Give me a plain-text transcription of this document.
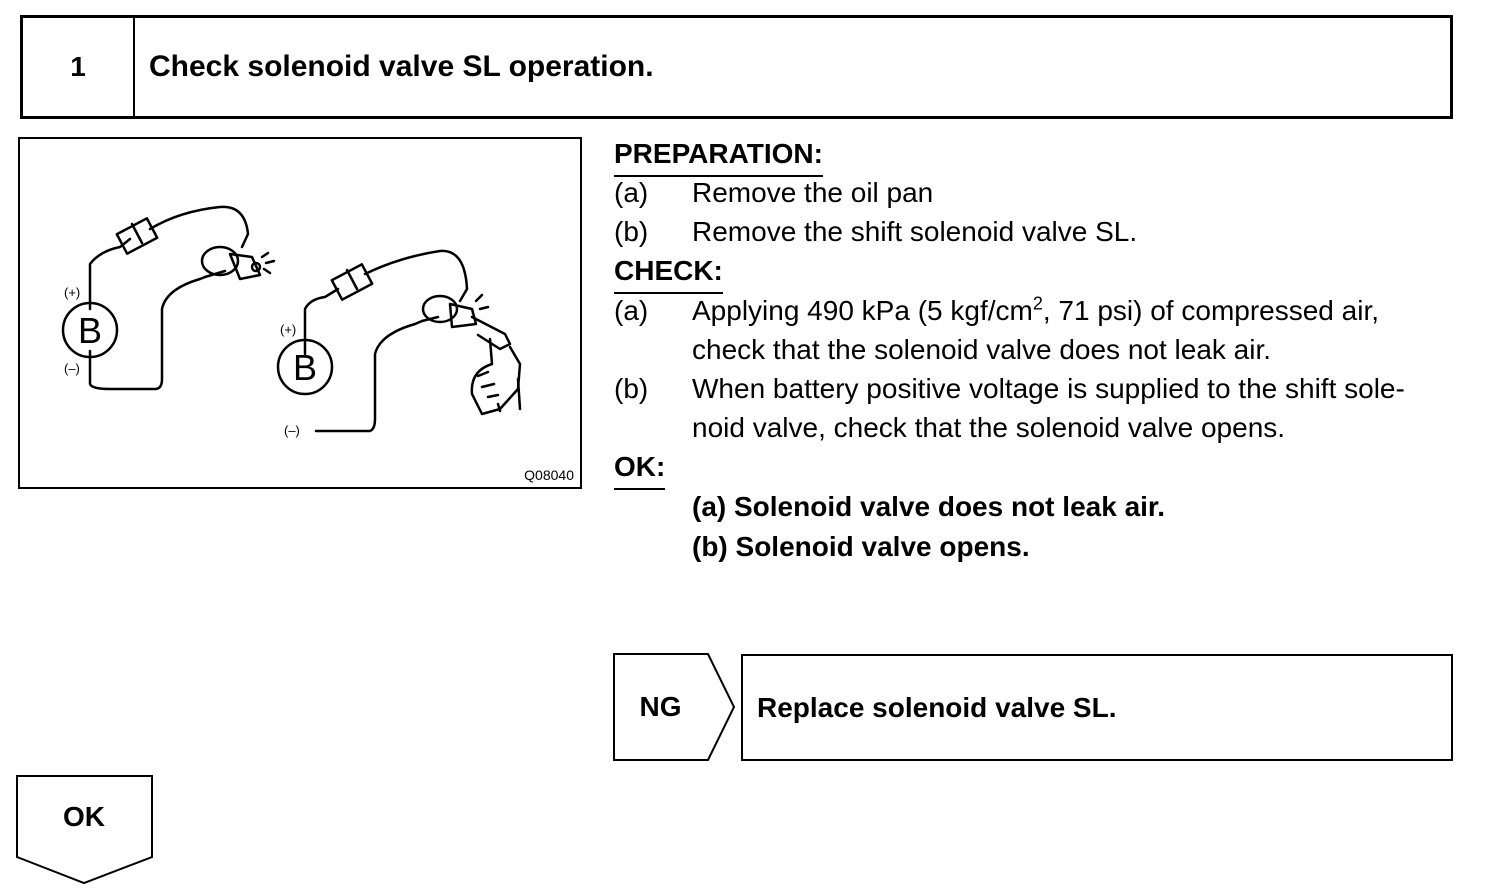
1	Check solenoid valve SL operation.
B
B
(+)
(–)
(+)
(–)
Q08040
PREPARATION:
(a) Remove the oil pan
(b) Remove the shift solenoid valve SL.
CHECK:
(a) Applying 490 kPa (5 kgf/$cm^2$, 71 psi) of compressed air,
check that the solenoid valve does not leak air.
(b) When battery positive voltage is supplied to the shift sole-
noid valve, check that the solenoid valve opens.
OK:
(a) Solenoid valve does not leak air.
(b) Solenoid valve opens.
NG	Replace solenoid valve SL.
OK
